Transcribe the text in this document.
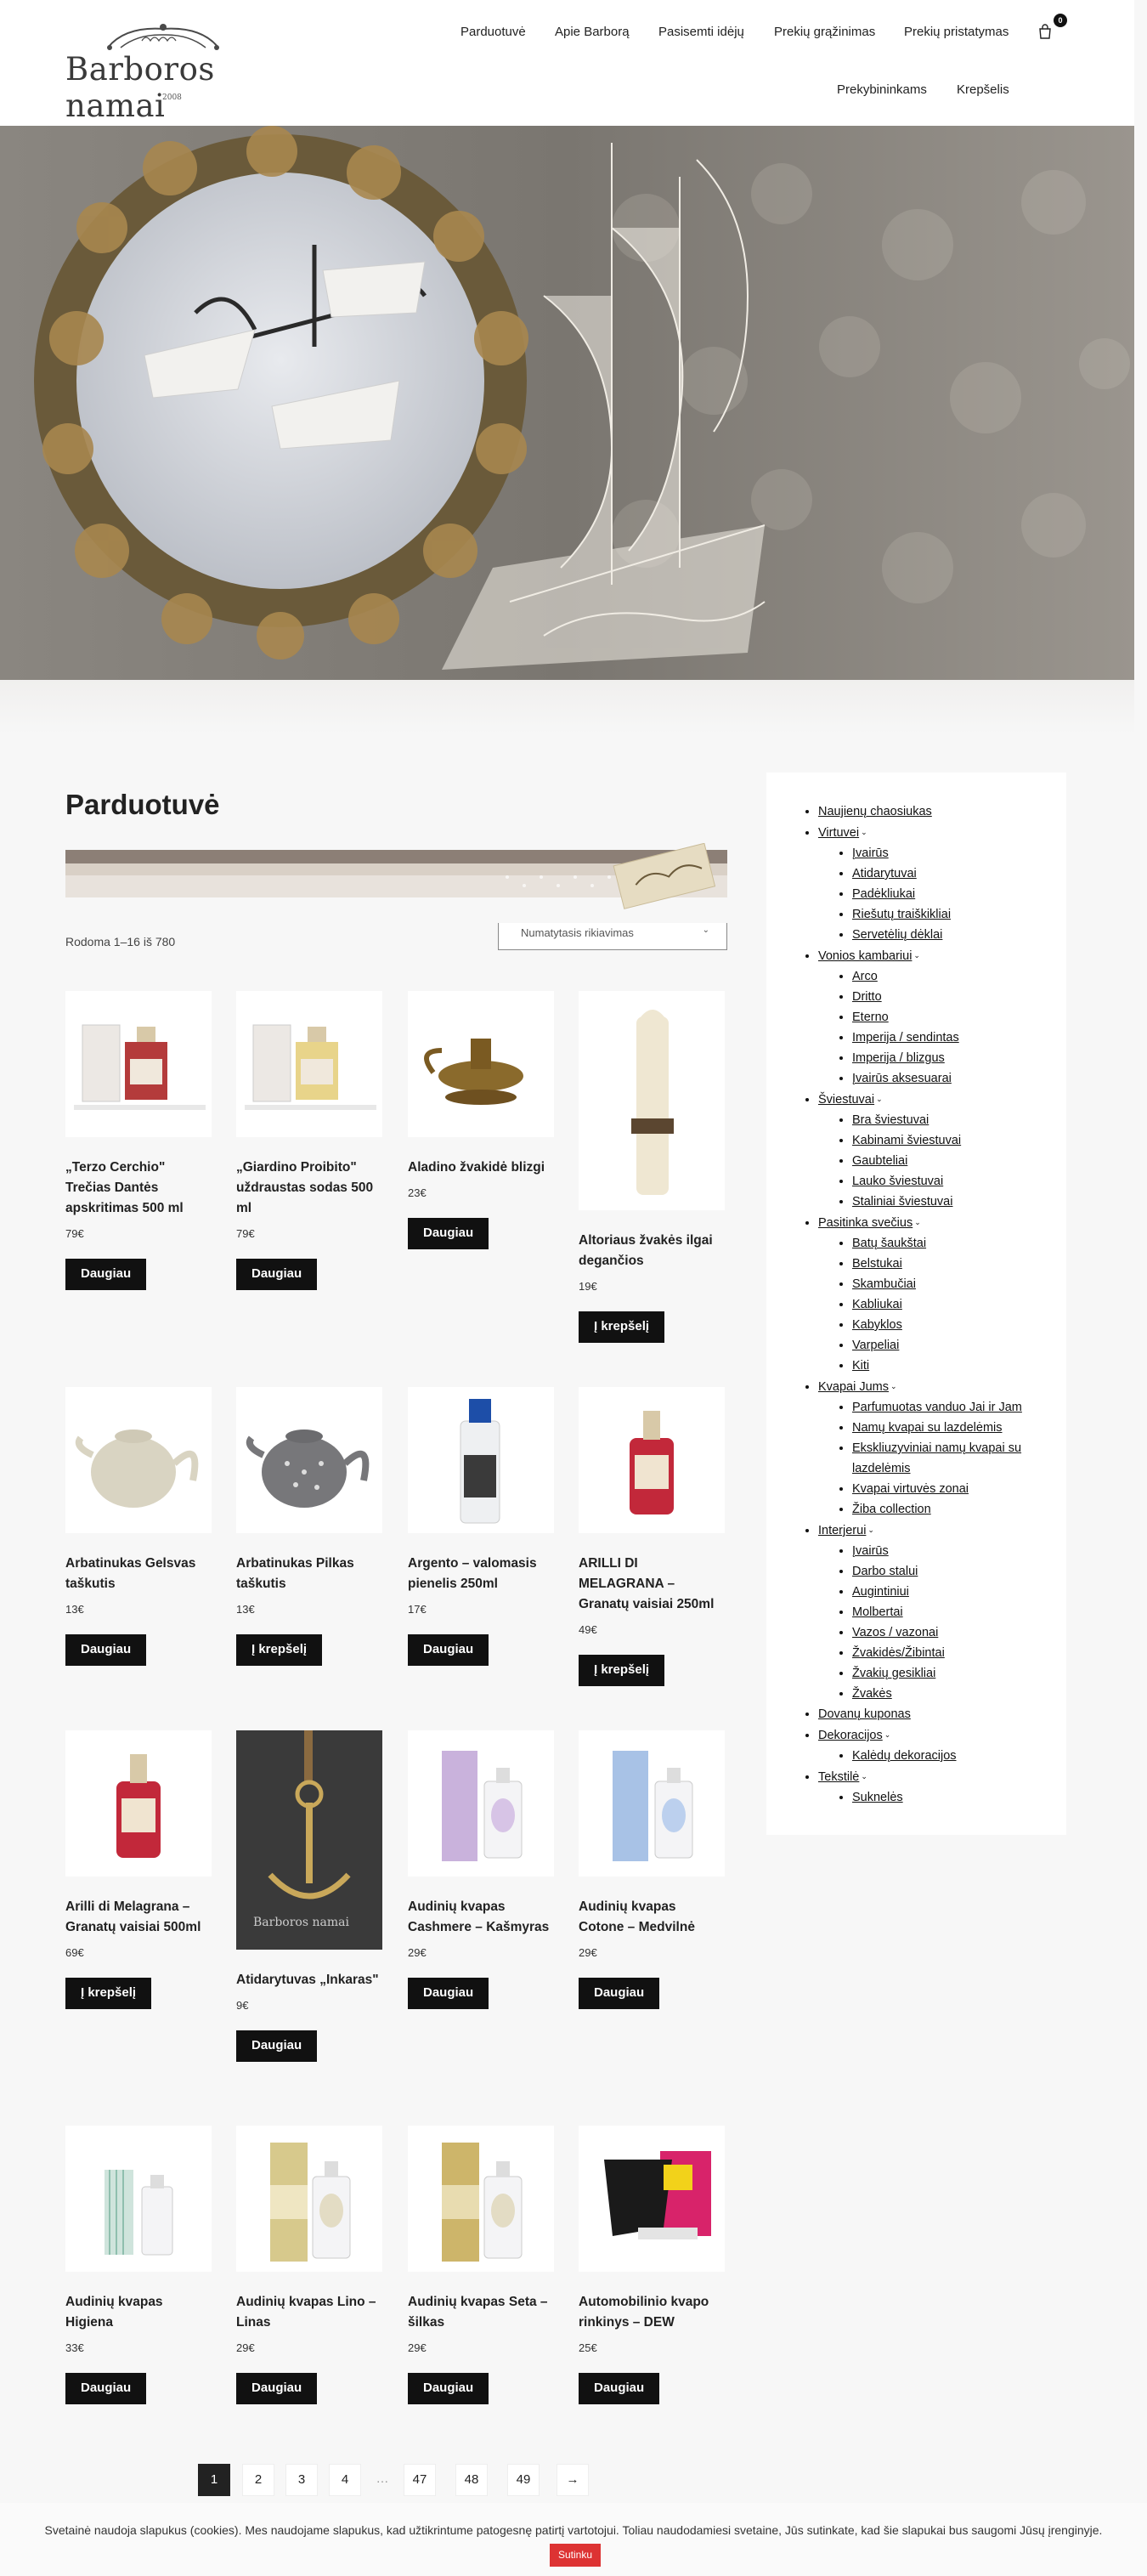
Barboros namai
2008
Parduotuvė Apie Barborą Pasisemti idėjų Prekių grąžinimas Prekių pristatymas
Prekybininkams Krepšelis
0
Parduotuvė
Rodoma 1–16 iš 780
Numatytasis rikiavimas	⌄
„Terzo Cerchio" Trečias Dantės apskritimas 500 ml
79€
Daugiau
„Giardino Proibito" uždraustas sodas 500 ml
79€
Daugiau
Aladino žvakidė blizgi
23€
Daugiau
Altoriaus žvakės ilgai degančios
19€
Į krepšelį
Arbatinukas Gelsvas taškutis
13€
Daugiau
Arbatinukas Pilkas taškutis
13€
Į krepšelį
Argento – valomasis pienelis 250ml
17€
Daugiau
ARILLI DI MELAGRANA – Granatų vaisiai 250ml
49€
Į krepšelį
Arilli di Melagrana – Granatų vaisiai 500ml
69€
Į krepšelį
Barboros namai
Atidarytuvas „Inkaras"
9€
Daugiau
Audinių kvapas Cashmere – Kašmyras
29€
Daugiau
Audinių kvapas Cotone – Medvilnė
29€
Daugiau
Audinių kvapas Higiena
33€
Daugiau
Audinių kvapas Lino – Linas
29€
Daugiau
Audinių kvapas Seta – šilkas
29€
Daugiau
Automobilinio kvapo rinkinys – DEW
25€
Daugiau
• Naujienų chaosiukas
• Virtuvei ⌄
• Įvairūs
• Atidarytuvai
• Padėkliukai
• Riešutų traiškikliai
• Servetėlių dėklai
• Vonios kambariui ⌄
• Arco
• Dritto
• Eterno
• Imperija / sendintas
• Imperija / blizgus
• Įvairūs aksesuarai
• Šviestuvai ⌄
• Bra šviestuvai
• Kabinami šviestuvai
• Gaubteliai
• Lauko šviestuvai
• Staliniai šviestuvai
• Pasitinka svečius ⌄
• Batų šaukštai
• Belstukai
• Skambučiai
• Kabliukai
• Kabyklos
• Varpeliai
• Kiti
• Kvapai Jums ⌄
• Parfumuotas vanduo Jai ir Jam
• Namų kvapai su lazdelėmis
• Ekskliuzyviniai namų kvapai su lazdelėmis
• Kvapai virtuvės zonai
• Žiba collection
• Interjerui ⌄
• Įvairūs
• Darbo stalui
• Augintiniui
• Molbertai
• Vazos / vazonai
• Žvakidės/Žibintai
• Žvakių gesikliai
• Žvakės
• Dovanų kuponas
• Dekoracijos ⌄
• Kalėdų dekoracijos
• Tekstilė ⌄
• Suknelės
1	2	3	4	…	47	48	49	→
Svetainė naudoja slapukus (cookies). Mes naudojame slapukus, kad užtikrintume patogesnę patirtį vartotojui. Toliau naudodamiesi svetaine, Jūs sutinkate, kad šie slapukai bus saugomi Jūsų įrenginyje. Sutinku
